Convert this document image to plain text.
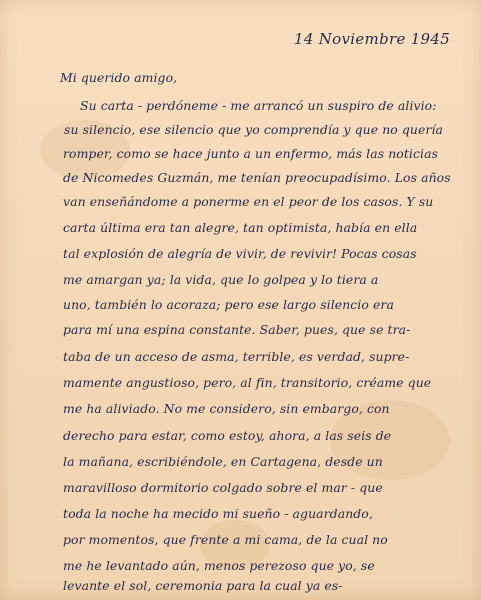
14 Noviembre 1945
Mi querido amigo,
Su carta - perdóneme - me arrancó un suspiro de alivio:
su silencio, ese silencio que yo comprendía y que no quería
romper, como se hace junto a un enfermo, más las noticias
de Nicomedes Guzmán, me tenían preocupadísimo. Los años
van enseñándome a ponerme en el peor de los casos. Y su
carta última era tan alegre, tan optimista, había en ella
tal explosión de alegría de vivir, de revivir! Pocas cosas
me amargan ya; la vida, que lo golpea y lo tiera a
uno, también lo acoraza; pero ese largo silencio era
para mí una espina constante. Saber, pues, que se tra-
taba de un acceso de asma, terrible, es verdad, supre-
mamente angustioso, pero, al fin, transitorio, créame que
me ha aliviado. No me considero, sin embargo, con
derecho para estar, como estoy, ahora, a las seis de
la mañana, escribiéndole, en Cartagena, desde un
maravilloso dormitorio colgado sobre el mar - que
toda la noche ha mecido mi sueño - aguardando,
por momentos, que frente a mi cama, de la cual no
me he levantado aún, menos perezoso que yo, se
levante el sol, ceremonia para la cual ya es-
